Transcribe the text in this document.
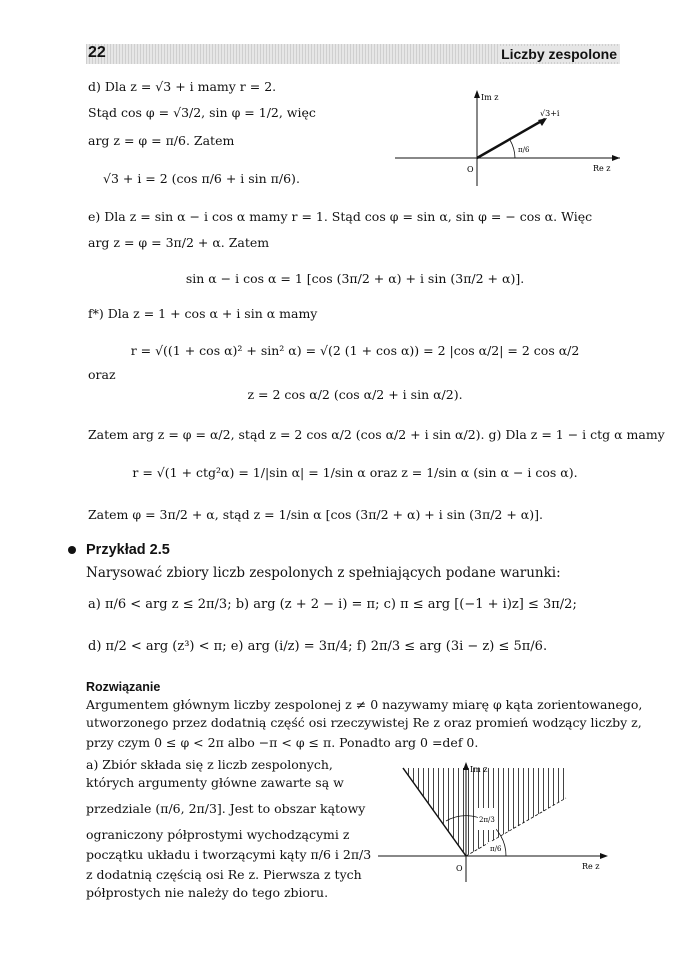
22	Liczby zespolone
d) Dla z = √3 + i mamy r = 2.
Stąd cos φ = √3/2, sin φ = 1/2, więc
arg z = φ = π/6. Zatem
√3 + i = 2 (cos π/6 + i sin π/6).
Im z
Re z
O
√3+i
π/6
e) Dla z = sin α − i cos α mamy r = 1. Stąd cos φ = sin α, sin φ = − cos α. Więc
arg z = φ = 3π/2 + α. Zatem
sin α − i cos α = 1 [cos (3π/2 + α) + i sin (3π/2 + α)].
f*) Dla z = 1 + cos α + i sin α mamy
r = √((1 + cos α)² + sin² α) = √(2 (1 + cos α)) = 2 |cos α/2| = 2 cos α/2
oraz
z = 2 cos α/2 (cos α/2 + i sin α/2).
Zatem arg z = φ = α/2, stąd z = 2 cos α/2 (cos α/2 + i sin α/2). g) Dla z = 1 − i ctg α mamy
r = √(1 + ctg²α) = 1/|sin α| = 1/sin α oraz z = 1/sin α (sin α − i cos α).
Zatem φ = 3π/2 + α, stąd z = 1/sin α [cos (3π/2 + α) + i sin (3π/2 + α)].
Przykład 2.5
Narysować zbiory liczb zespolonych z spełniających podane warunki:
a) π/6 < arg z ≤ 2π/3; b) arg (z + 2 − i) = π; c) π ≤ arg [(−1 + i)z] ≤ 3π/2;
d) π/2 < arg (z³) < π; e) arg (i/z) = 3π/4; f) 2π/3 ≤ arg (3i − z) ≤ 5π/6.
Rozwiązanie
Argumentem głównym liczby zespolonej z ≠ 0 nazywamy miarę φ kąta zorientowanego,
utworzonego przez dodatnią część osi rzeczywistej Re z oraz promień wodzący liczby z,
przy czym 0 ≤ φ < 2π albo −π < φ ≤ π. Ponadto arg 0 =def 0.
a) Zbiór składa się z liczb zespolonych,
których argumenty główne zawarte są w
przedziale (π/6, 2π/3]. Jest to obszar kątowy
ograniczony półprostymi wychodzącymi z
początku układu i tworzącymi kąty π/6 i 2π/3
z dodatnią częścią osi Re z. Pierwsza z tych
półprostych nie należy do tego zbioru.
Im z
Re z
O
2π/3
π/6
